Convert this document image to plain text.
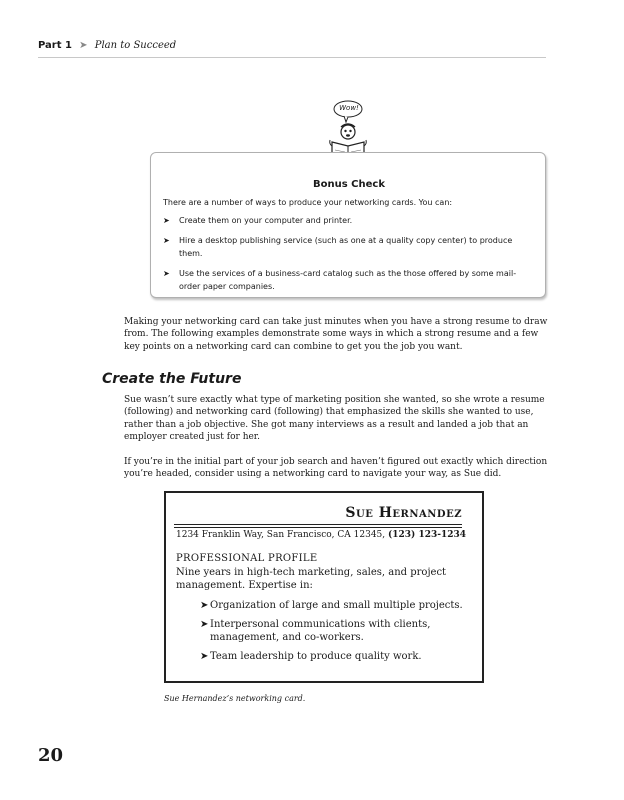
Part 1 ➤ Plan to Succeed
Wow!
Bonus Check
There are a number of ways to produce your networking cards. You can:
➤ Create them on your computer and printer.
➤ Hire a desktop publishing service (such as one at a quality copy center) to produce them.
➤ Use the services of a business-card catalog such as the those offered by some mail-order paper companies.
Making your networking card can take just minutes when you have a strong resume to draw from. The following examples demonstrate some ways in which a strong resume and a few key points on a networking card can combine to get you the job you want.
Create the Future
Sue wasn’t sure exactly what type of marketing position she wanted, so she wrote a resume (following) and networking card (following) that emphasized the skills she wanted to use, rather than a job objective. She got many interviews as a result and landed a job that an employer created just for her.
If you’re in the initial part of your job search and haven’t figured out exactly which direction you’re headed, consider using a networking card to navigate your way, as Sue did.
Sue Hernandez
1234 Franklin Way, San Francisco, CA 12345, (123) 123-1234
PROFESSIONAL PROFILE
Nine years in high-tech marketing, sales, and project management. Expertise in:
➤ Organization of large and small multiple projects.
➤ Interpersonal communications with clients, management, and co-workers.
➤ Team leadership to produce quality work.
Sue Hernandez’s networking card.
20
